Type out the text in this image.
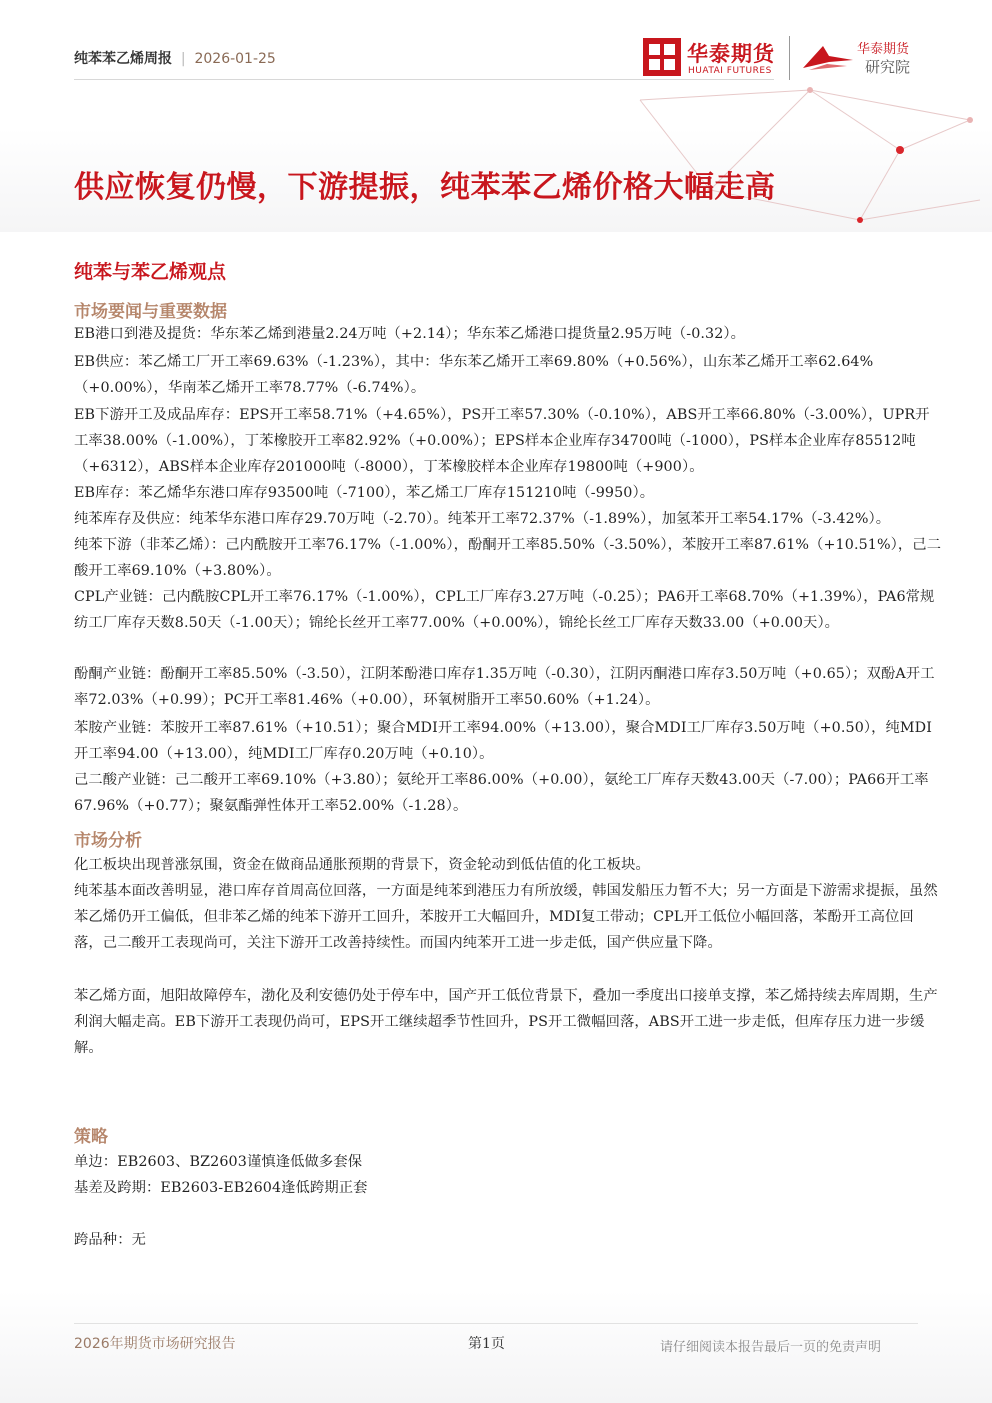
纯苯苯乙烯周报 | 2026-01-25	华泰期货
HUATAI FUTURES
华泰期货
研究院
供应恢复仍慢，下游提振，纯苯苯乙烯价格大幅走高
纯苯与苯乙烯观点
市场要闻与重要数据
EB港口到港及提货：华东苯乙烯到港量2.24万吨（+2.14）；华东苯乙烯港口提货量2.95万吨（-0.32）。
EB供应：苯乙烯工厂开工率69.63%（-1.23%），其中：华东苯乙烯开工率69.80%（+0.56%），山东苯乙烯开工率62.64%（+0.00%），华南苯乙烯开工率78.77%（-6.74%）。
EB下游开工及成品库存：EPS开工率58.71%（+4.65%），PS开工率57.30%（-0.10%），ABS开工率66.80%（-3.00%），UPR开工率38.00%（-1.00%），丁苯橡胶开工率82.92%（+0.00%）；EPS样本企业库存34700吨（-1000），PS样本企业库存85512吨（+6312），ABS样本企业库存201000吨（-8000），丁苯橡胶样本企业库存19800吨（+900）。
EB库存：苯乙烯华东港口库存93500吨（-7100），苯乙烯工厂库存151210吨（-9950）。
纯苯库存及供应：纯苯华东港口库存29.70万吨（-2.70）。纯苯开工率72.37%（-1.89%），加氢苯开工率54.17%（-3.42%）。
纯苯下游（非苯乙烯）：己内酰胺开工率76.17%（-1.00%），酚酮开工率85.50%（-3.50%），苯胺开工率87.61%（+10.51%），己二酸开工率69.10%（+3.80%）。
CPL产业链：己内酰胺CPL开工率76.17%（-1.00%），CPL工厂库存3.27万吨（-0.25）；PA6开工率68.70%（+1.39%），PA6常规纺工厂库存天数8.50天（-1.00天）；锦纶长丝开工率77.00%（+0.00%），锦纶长丝工厂库存天数33.00（+0.00天）。
酚酮产业链：酚酮开工率85.50%（-3.50），江阴苯酚港口库存1.35万吨（-0.30），江阴丙酮港口库存3.50万吨（+0.65）；双酚A开工率72.03%（+0.99）；PC开工率81.46%（+0.00），环氧树脂开工率50.60%（+1.24）。
苯胺产业链：苯胺开工率87.61%（+10.51）；聚合MDI开工率94.00%（+13.00），聚合MDI工厂库存3.50万吨（+0.50），纯MDI开工率94.00（+13.00），纯MDI工厂库存0.20万吨（+0.10）。
己二酸产业链：己二酸开工率69.10%（+3.80）；氨纶开工率86.00%（+0.00），氨纶工厂库存天数43.00天（-7.00）；PA66开工率67.96%（+0.77）；聚氨酯弹性体开工率52.00%（-1.28）。
市场分析
化工板块出现普涨氛围，资金在做商品通胀预期的背景下，资金轮动到低估值的化工板块。
纯苯基本面改善明显，港口库存首周高位回落，一方面是纯苯到港压力有所放缓，韩国发船压力暂不大；另一方面是下游需求提振，虽然苯乙烯仍开工偏低，但非苯乙烯的纯苯下游开工回升，苯胺开工大幅回升，MDI复工带动；CPL开工低位小幅回落，苯酚开工高位回落，己二酸开工表现尚可，关注下游开工改善持续性。而国内纯苯开工进一步走低，国产供应量下降。
苯乙烯方面，旭阳故障停车，渤化及利安德仍处于停车中，国产开工低位背景下，叠加一季度出口接单支撑，苯乙烯持续去库周期，生产利润大幅走高。EB下游开工表现仍尚可，EPS开工继续超季节性回升，PS开工微幅回落，ABS开工进一步走低，但库存压力进一步缓解。
策略
单边：EB2603、BZ2603谨慎逢低做多套保
基差及跨期：EB2603-EB2604逢低跨期正套
跨品种：无
2026年期货市场研究报告	第1页	请仔细阅读本报告最后一页的免责声明
